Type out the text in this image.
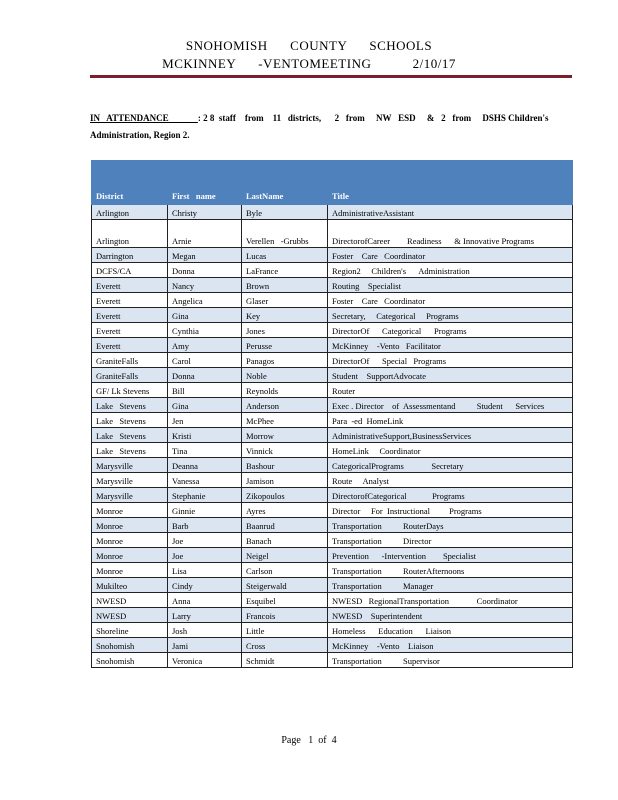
SNOHOMISH      COUNTY      SCHOOLS
MCKINNEY      -VENTOMEETING           2/10/17
IN   ATTENDANCE             : 2 8  staff    from    11   districts,      2   from     NW   ESD     &   2   from     DSHS Children's Administration, Region 2.
District	First   name	LastName	Title
Arlington	Christy	Byle	AdministrativeAssistant
Arlington	Arnie	Verellen   -Grubbs	DirectorofCareer        Readiness      & Innovative Programs
Darrington	Megan	Lucas	Foster    Care   Coordinator
DCFS/CA	Donna	LaFrance	Region2     Children's      Administration
Everett	Nancy	Brown	Routing    Specialist
Everett	Angelica	Glaser	Foster    Care   Coordinator
Everett	Gina	Key	Secretary,     Categorical     Programs
Everett	Cynthia	Jones	DirectorOf      Categorical      Programs
Everett	Amy	Perusse	McKinney    -Vento   Facilitator
GraniteFalls	Carol	Panagos	DirectorOf      Special   Programs
GraniteFalls	Donna	Noble	Student    SupportAdvocate
GF/ Lk Stevens	Bill	Reynolds	Router
Lake   Stevens	Gina	Anderson	Exec . Director    of  Assessmentand          Student      Services
Lake   Stevens	Jen	McPhee	Para  -ed  HomeLink
Lake   Stevens	Kristi	Morrow	AdministrativeSupport,BusinessServices
Lake   Stevens	Tina	Vinnick	HomeLink     Coordinator
Marysville	Deanna	Bashour	CategoricalPrograms             Secretary
Marysville	Vanessa	Jamison	Route     Analyst
Marysville	Stephanie	Zikopoulos	DirectorofCategorical            Programs
Monroe	Ginnie	Ayres	Director     For  Instructional         Programs
Monroe	Barb	Baanrud	Transportation          RouterDays
Monroe	Joe	Banach	Transportation          Director
Monroe	Joe	Neigel	Prevention      -Intervention        Specialist
Monroe	Lisa	Carlson	Transportation          RouterAfternoons
Mukilteo	Cindy	Steigerwald	Transportation          Manager
NWESD	Anna	Esquibel	NWESD   RegionalTransportation             Coordinator
NWESD	Larry	Francois	NWESD    Superintendent
Shoreline	Josh	Little	Homeless      Education      Liaison
Snohomish	Jami	Cross	McKinney    -Vento    Liaison
Snohomish	Veronica	Schmidt	Transportation          Supervisor
Page   1  of  4
